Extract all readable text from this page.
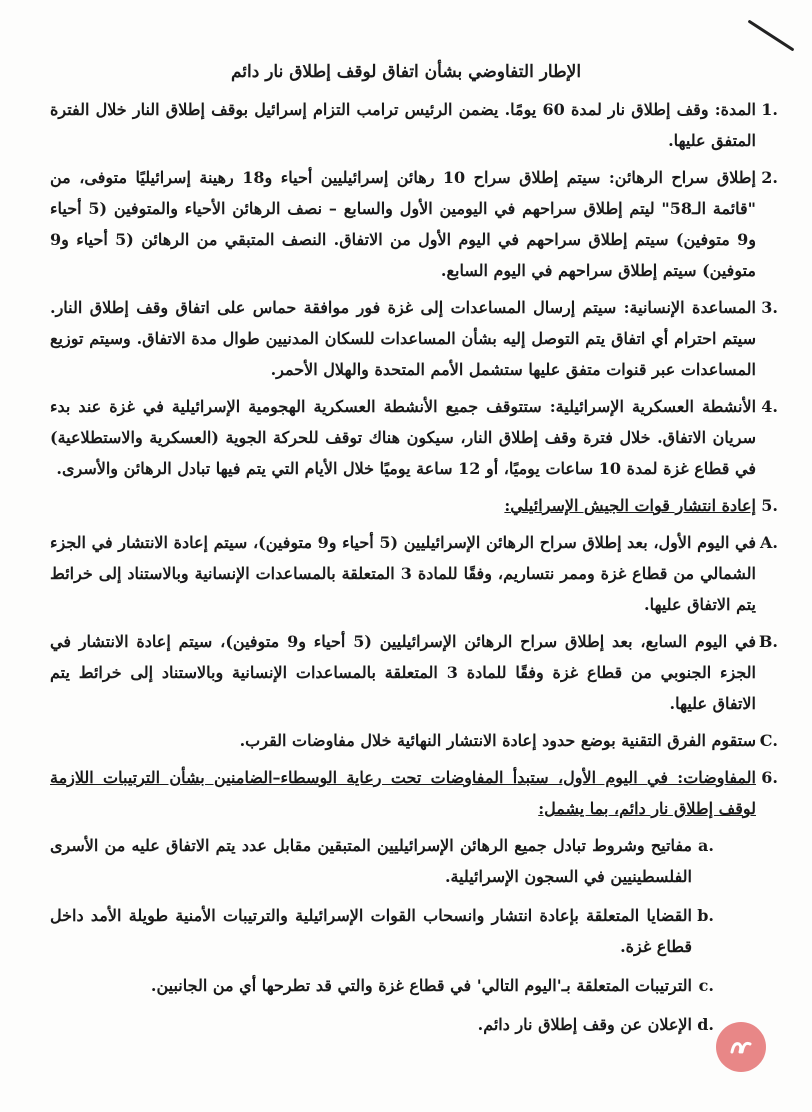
الإطار التفاوضي بشأن اتفاق لوقف إطلاق نار دائم
.1
المدة: وقف إطلاق نار لمدة 60 يومًا. يضمن الرئيس ترامب التزام إسرائيل بوقف إطلاق النار خلال الفترة المتفق عليها.
.2
إطلاق سراح الرهائن: سيتم إطلاق سراح 10 رهائن إسرائيليين أحياء و18 رهينة إسرائيليًا متوفى، من "قائمة الـ58" ليتم إطلاق سراحهم في اليومين الأول والسابع – نصف الرهائن الأحياء والمتوفين (5 أحياء و9 متوفين) سيتم إطلاق سراحهم في اليوم الأول من الاتفاق. النصف المتبقي من الرهائن (5 أحياء و9 متوفين) سيتم إطلاق سراحهم في اليوم السابع.
.3
المساعدة الإنسانية: سيتم إرسال المساعدات إلى غزة فور موافقة حماس على اتفاق وقف إطلاق النار. سيتم احترام أي اتفاق يتم التوصل إليه بشأن المساعدات للسكان المدنيين طوال مدة الاتفاق. وسيتم توزيع المساعدات عبر قنوات متفق عليها ستشمل الأمم المتحدة والهلال الأحمر.
.4
الأنشطة العسكرية الإسرائيلية: ستتوقف جميع الأنشطة العسكرية الهجومية الإسرائيلية في غزة عند بدء سريان الاتفاق. خلال فترة وقف إطلاق النار، سيكون هناك توقف للحركة الجوية (العسكرية والاستطلاعية) في قطاع غزة لمدة 10 ساعات يوميًا، أو 12 ساعة يوميًا خلال الأيام التي يتم فيها تبادل الرهائن والأسرى.
.5
إعادة انتشار قوات الجيش الإسرائيلي:
.A
في اليوم الأول، بعد إطلاق سراح الرهائن الإسرائيليين (5 أحياء و9 متوفين)، سيتم إعادة الانتشار في الجزء الشمالي من قطاع غزة وممر نتساريم، وفقًا للمادة 3 المتعلقة بالمساعدات الإنسانية وبالاستناد إلى خرائط يتم الاتفاق عليها.
.B
في اليوم السابع، بعد إطلاق سراح الرهائن الإسرائيليين (5 أحياء و9 متوفين)، سيتم إعادة الانتشار في الجزء الجنوبي من قطاع غزة وفقًا للمادة 3 المتعلقة بالمساعدات الإنسانية وبالاستناد إلى خرائط يتم الاتفاق عليها.
.C
ستقوم الفرق التقنية بوضع حدود إعادة الانتشار النهائية خلال مفاوضات القرب.
.6
المفاوضات: في اليوم الأول، ستبدأ المفاوضات تحت رعاية الوسطاء–الضامنين بشأن الترتيبات اللازمة لوقف إطلاق نار دائم، بما يشمل:
.a
مفاتيح وشروط تبادل جميع الرهائن الإسرائيليين المتبقين مقابل عدد يتم الاتفاق عليه من الأسرى الفلسطينيين في السجون الإسرائيلية.
.b
القضايا المتعلقة بإعادة انتشار وانسحاب القوات الإسرائيلية والترتيبات الأمنية طويلة الأمد داخل قطاع غزة.
.c
الترتيبات المتعلقة بـ'اليوم التالي' في قطاع غزة والتي قد تطرحها أي من الجانبين.
.d
الإعلان عن وقف إطلاق نار دائم.
